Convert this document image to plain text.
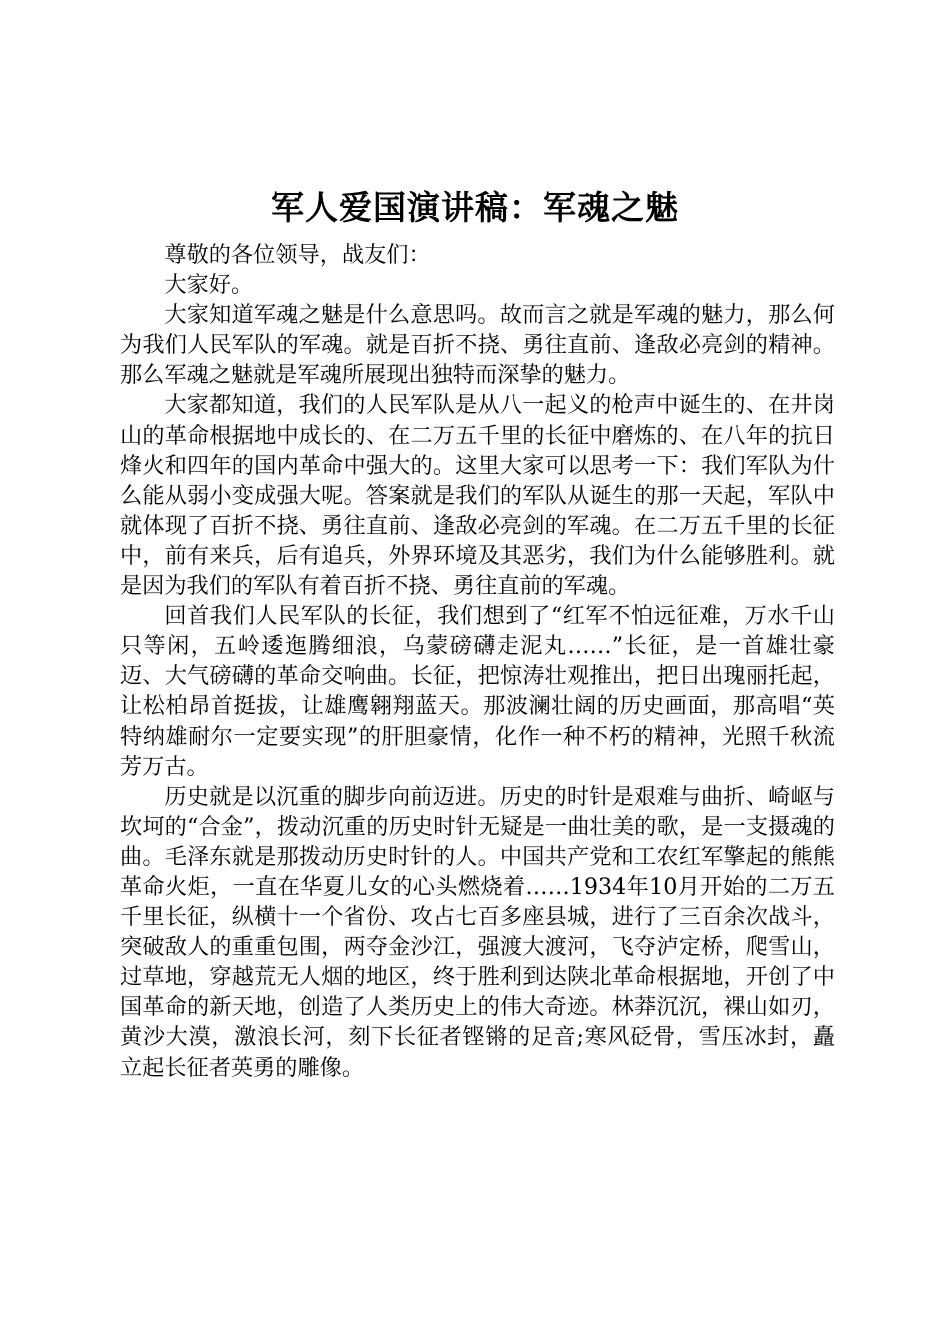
军人爱国演讲稿：军魂之魅

尊敬的各位领导，战友们：

大家好。

大家知道军魂之魅是什么意思吗。故而言之就是军魂的魅力，那么何为我们人民军队的军魂。就是百折不挠、勇往直前、逢敌必亮剑的精神。那么军魂之魅就是军魂所展现出独特而深挚的魅力。

大家都知道，我们的人民军队是从八一起义的枪声中诞生的、在井岗山的革命根据地中成长的、在二万五千里的长征中磨炼的、在八年的抗日烽火和四年的国内革命中强大的。这里大家可以思考一下：我们军队为什么能从弱小变成强大呢。答案就是我们的军队从诞生的那一天起，军队中就体现了百折不挠、勇往直前、逢敌必亮剑的军魂。在二万五千里的长征中，前有来兵，后有追兵，外界环境及其恶劣，我们为什么能够胜利。就是因为我们的军队有着百折不挠、勇往直前的军魂。

回首我们人民军队的长征，我们想到了“红军不怕远征难，万水千山只等闲，五岭逶迤腾细浪，乌蒙磅礴走泥丸……”长征，是一首雄壮豪迈、大气磅礴的革命交响曲。长征，把惊涛壮观推出，把日出瑰丽托起，让松柏昂首挺拔，让雄鹰翱翔蓝天。那波澜壮阔的历史画面，那高唱“英特纳雄耐尔一定要实现”的肝胆豪情，化作一种不朽的精神，光照千秋流芳万古。

历史就是以沉重的脚步向前迈进。历史的时针是艰难与曲折、崎岖与坎坷的“合金”，拨动沉重的历史时针无疑是一曲壮美的歌，是一支摄魂的曲。毛泽东就是那拨动历史时针的人。中国共产党和工农红军擎起的熊熊革命火炬，一直在华夏儿女的心头燃烧着……1934年10月开始的二万五千里长征，纵横十一个省份、攻占七百多座县城，进行了三百余次战斗，突破敌人的重重包围，两夺金沙江，强渡大渡河，飞夺泸定桥，爬雪山，过草地，穿越荒无人烟的地区，终于胜利到达陕北革命根据地，开创了中国革命的新天地，创造了人类历史上的伟大奇迹。林莽沉沉，裸山如刃，黄沙大漠，激浪长河，刻下长征者铿锵的足音;寒风砭骨，雪压冰封，矗立起长征者英勇的雕像。
